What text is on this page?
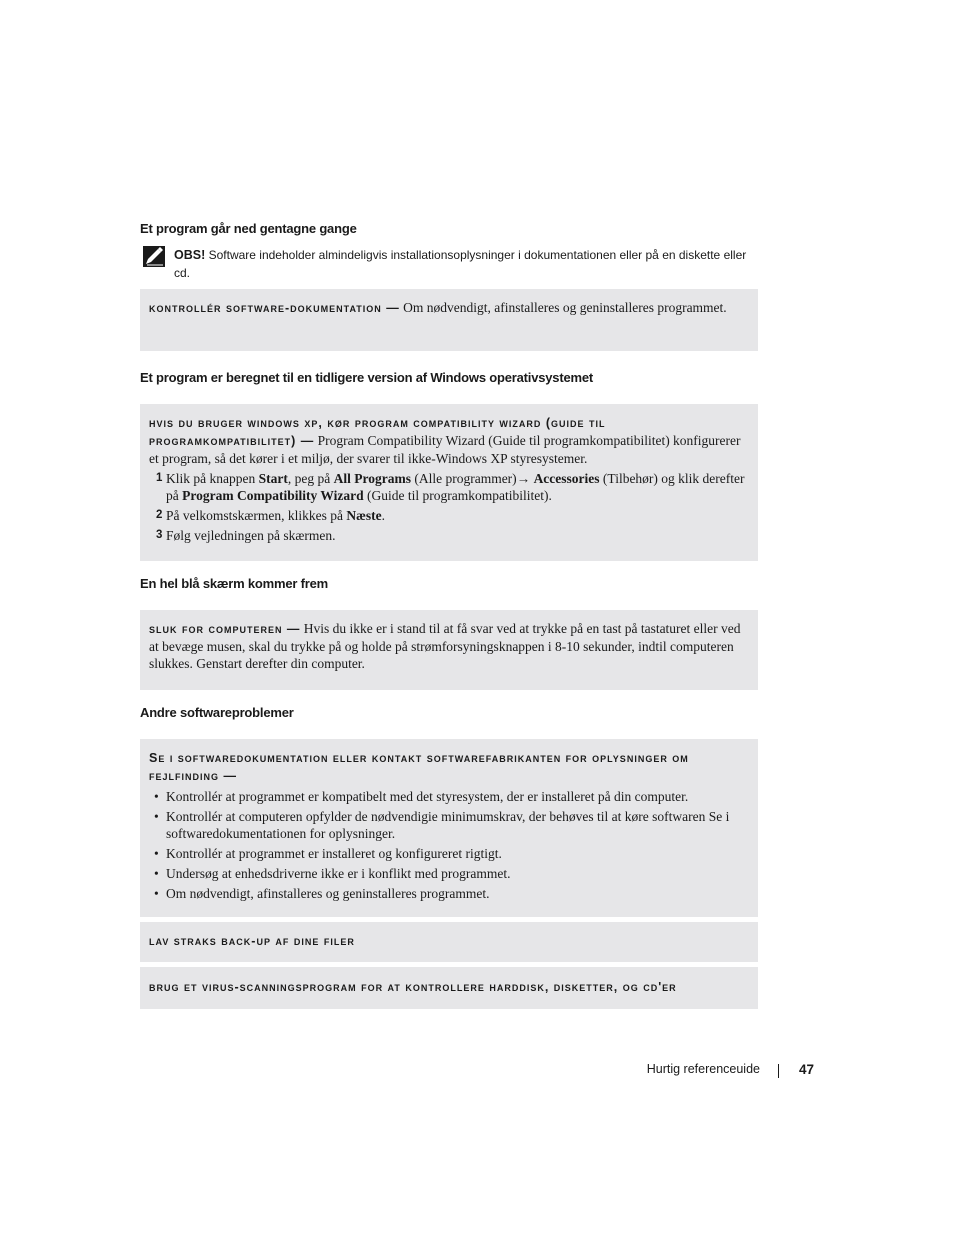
Et program går ned gentagne gange
OBS! Software indeholder almindeligvis installationsoplysninger i dokumentationen eller på en diskette eller cd.
kontrollér software-dokumentation — Om nødvendigt, afinstalleres og geninstalleres programmet.
Et program er beregnet til en tidligere version af Windows operativsystemet
hvis du bruger windows xp, kør program compatibility wizard (guide til programkompatibilitet) — Program Compatibility Wizard (Guide til programkompatibilitet) konfigurerer et program, så det kører i et miljø, der svarer til ikke-Windows XP styresystemer.
1 Klik på knappen Start, peg på All Programs (Alle programmer)→ Accessories (Tilbehør) og klik derefter på Program Compatibility Wizard (Guide til programkompatibilitet).
2 På velkomstskærmen, klikkes på Næste.
3 Følg vejledningen på skærmen.
En hel blå skærm kommer frem
sluk for computeren — Hvis du ikke er i stand til at få svar ved at trykke på en tast på tastaturet eller ved at bevæge musen, skal du trykke på og holde på strømforsyningsknappen i 8-10 sekunder, indtil computeren slukkes. Genstart derefter din computer.
Andre softwareproblemer
Se i softwaredokumentation eller kontakt softwarefabrikanten for oplysninger om fejlfinding —
• Kontrollér at programmet er kompatibelt med det styresystem, der er installeret på din computer.
• Kontrollér at computeren opfylder de nødvendigie minimumskrav, der behøves til at køre softwaren Se i softwaredokumentationen for oplysninger.
• Kontrollér at programmet er installeret og konfigureret rigtigt.
• Undersøg at enhedsdriverne ikke er i konflikt med programmet.
• Om nødvendigt, afinstalleres og geninstalleres programmet.
lav straks back-up af dine filer
brug et virus-scanningsprogram for at kontrollere harddisk, disketter, og cd'er
Hurtig referenceuide	47
